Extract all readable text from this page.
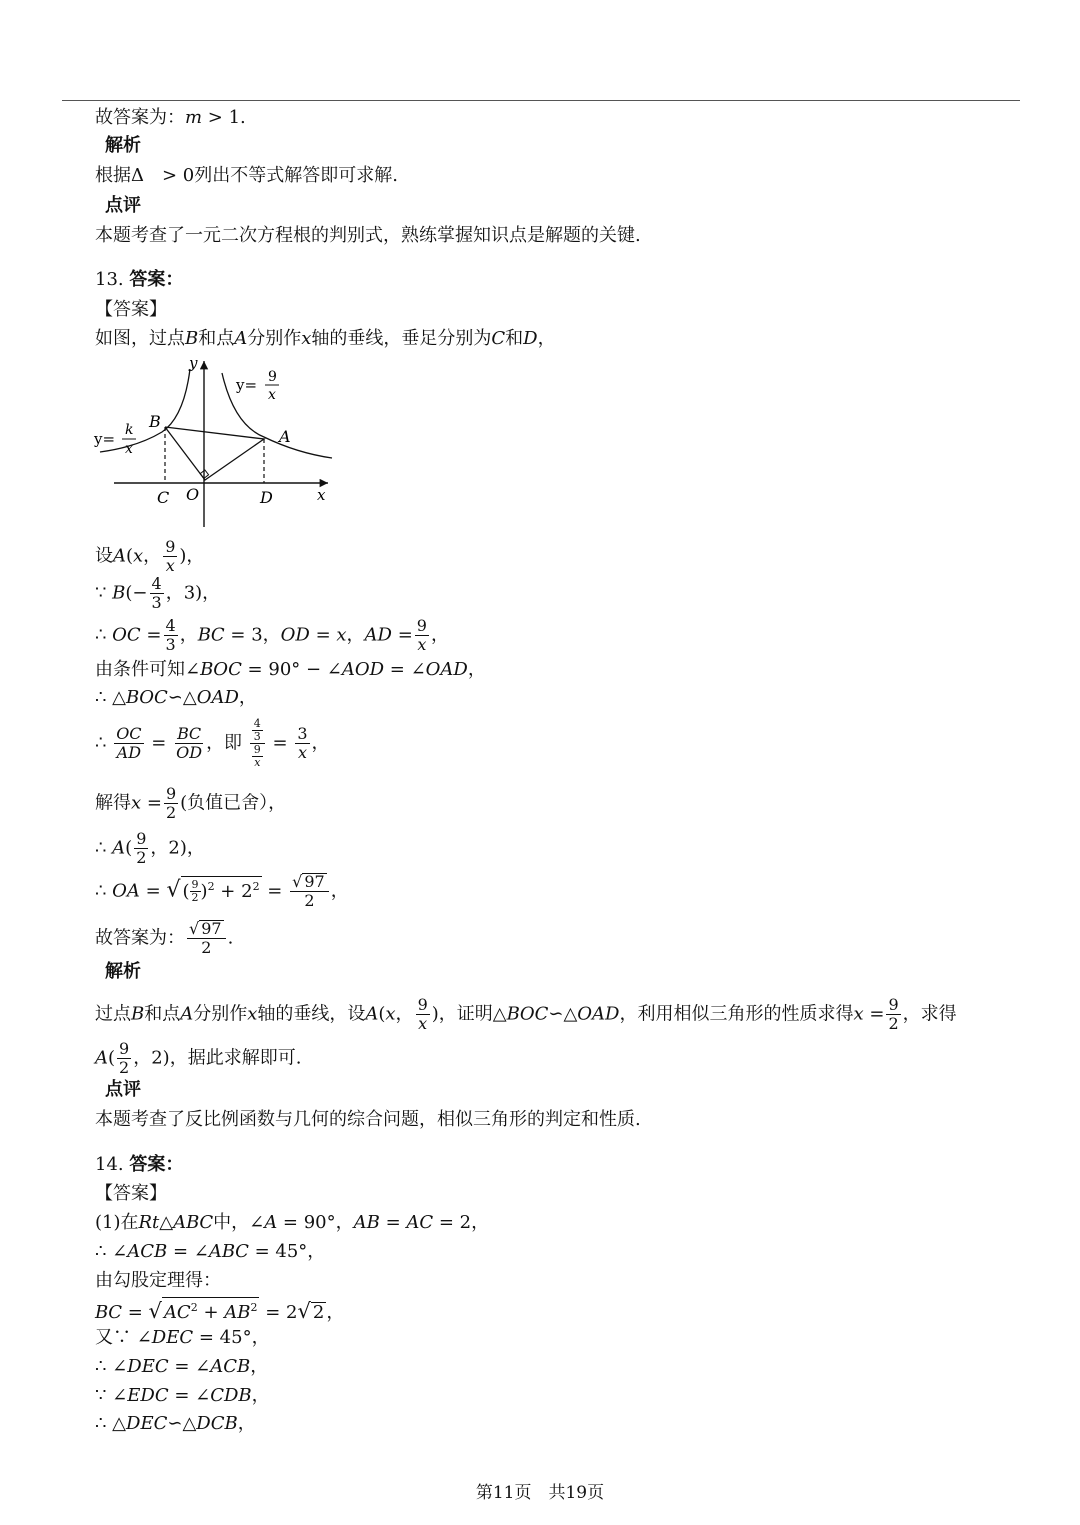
故答案为：𝑚 > 1.
解析
根据Δ　> 0列出不等式解答即可求解.
点评
本题考查了一元二次方程根的判别式，熟练掌握知识点是解题的关键.
13. 答案：
【答案】
如图，过点𝐵和点𝐴分别作𝑥轴的垂线，垂足分别为𝐶和𝐷，
y
x
B
A
C O	D
y= 9
x
y= k
x
设𝐴(𝑥， $\frac{9}{\text{𝑥}}$ )，
∵ 𝐵(− $\frac{4}{3}$ ，3)，
∴ 𝑂𝐶 = $\frac{4}{3}$ ，𝐵𝐶 = 3，𝑂𝐷 = 𝑥，𝐴𝐷 = $\frac{9}{\text{𝑥}}$ ，
由条件可知∠𝐵𝑂𝐶 = 90° − ∠𝐴𝑂𝐷 = ∠𝑂𝐴𝐷，
∴ △𝐵𝑂𝐶∽△𝑂𝐴𝐷，
∴ $\frac{\text{𝑂𝐶}}{\text{𝐴𝐷}} = \frac{\text{𝐵𝐶}}{\text{𝑂𝐷}}$ ，即 $\frac{\frac{4}{3}}{\frac{9}{\text{𝑥}}} = \frac{3}{\text{𝑥}}$ ，
解得𝑥 = $\frac{9}{2}$ (负值已舍），
∴ 𝐴( $\frac{9}{2}$ ，2)，
∴ 𝑂𝐴 = √ ( $\frac{9}{2} )^2 + 2^2 = \frac{√ 97}{2}$ ，
故答案为： $\frac{√ 97}{2}$ .
解析
过点𝐵和点𝐴分别作𝑥轴的垂线，设𝐴(𝑥， $\frac{9}{\text{𝑥}}$ )，证明△𝐵𝑂𝐶∽△𝑂𝐴𝐷，利用相似三角形的性质求得𝑥 = $\frac{9}{2}$ ，求得
𝐴( $\frac{9}{2}$ ，2)，据此求解即可.
点评
本题考查了反比例函数与几何的综合问题，相似三角形的判定和性质.
14. 答案：
【答案】
(1)在𝑅𝑡△𝐴𝐵𝐶中，∠𝐴 = 90°，𝐴𝐵 = 𝐴𝐶 = 2，
∴ ∠𝐴𝐶𝐵 = ∠𝐴𝐵𝐶 = 45°，
由勾股定理得：
𝐵𝐶 = √ 𝐴𝐶$^2$ + 𝐴𝐵$^2$ = 2√ 2 ，
又∵ ∠𝐷𝐸𝐶 = 45°，
∴ ∠𝐷𝐸𝐶 = ∠𝐴𝐶𝐵，
∵ ∠𝐸𝐷𝐶 = ∠𝐶𝐷𝐵，
∴ △𝐷𝐸𝐶∽△𝐷𝐶𝐵，
第11页　共19页
